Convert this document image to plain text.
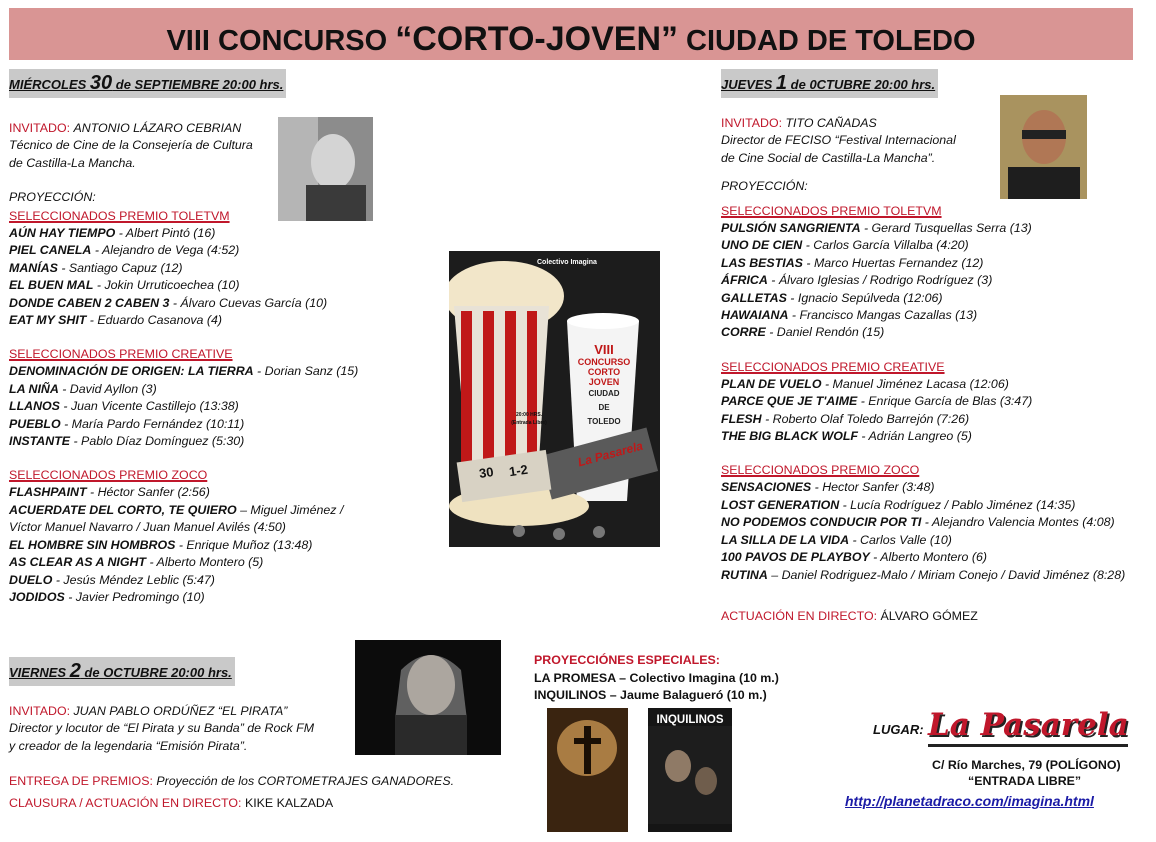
VIII CONCURSO “CORTO-JOVEN” CIUDAD DE TOLEDO
MIÉRCOLES 30 de SEPTIEMBRE 20:00 hrs.
INVITADO: ANTONIO LÁZARO CEBRIAN
Técnico de Cine de la Consejería de Cultura
de Castilla-La Mancha.
PROYECCIÓN:
SELECCIONADOS PREMIO TOLETVM
AÚN HAY TIEMPO - Albert Pintó (16)
PIEL CANELA - Alejandro de Vega (4:52)
MANÍAS - Santiago Capuz (12)
EL BUEN MAL - Jokin Urruticoechea (10)
DONDE CABEN 2 CABEN 3 - Álvaro Cuevas García (10)
EAT MY SHIT - Eduardo Casanova (4)
SELECCIONADOS PREMIO CREATIVE
DENOMINACIÓN DE ORIGEN: LA TIERRA - Dorian Sanz (15)
LA NIÑA - David Ayllon (3)
LLANOS - Juan Vicente Castillejo (13:38)
PUEBLO - María Pardo Fernández (10:11)
INSTANTE - Pablo Díaz Domínguez (5:30)
SELECCIONADOS PREMIO ZOCO
FLASHPAINT - Héctor Sanfer (2:56)
ACUERDATE DEL CORTO, TE QUIERO – Miguel Jiménez /
Víctor Manuel Navarro / Juan Manuel Avilés (4:50)
EL HOMBRE SIN HOMBROS - Enrique Muñoz (13:48)
AS CLEAR AS A NIGHT - Alberto Montero (5)
DUELO - Jesús Méndez Leblic (5:47)
JODIDOS - Javier Pedromingo (10)
Colectivo Imagina
VIII
CONCURSO
CORTO JOVEN
CIUDAD
DE
TOLEDO
20:00 HRS.
(Entrada Libre)
La Pasarela
30 1-2
JUEVES 1 de 0CTUBRE 20:00 hrs.
INVITADO: TITO CAÑADAS
Director de FECISO “Festival Internacional
de Cine Social de Castilla-La Mancha”.
PROYECCIÓN:
SELECCIONADOS PREMIO TOLETVM
PULSIÓN SANGRIENTA - Gerard Tusquellas Serra (13)
UNO DE CIEN - Carlos García Villalba (4:20)
LAS BESTIAS - Marco Huertas Fernandez (12)
ÁFRICA - Álvaro Iglesias / Rodrigo Rodríguez (3)
GALLETAS - Ignacio Sepúlveda (12:06)
HAWAIANA - Francisco Mangas Cazallas (13)
CORRE - Daniel Rendón (15)
SELECCIONADOS PREMIO CREATIVE
PLAN DE VUELO - Manuel Jiménez Lacasa (12:06)
PARCE QUE JE T'AIME - Enrique García de Blas (3:47)
FLESH - Roberto Olaf Toledo Barrejón (7:26)
THE BIG BLACK WOLF - Adrián Langreo (5)
SELECCIONADOS PREMIO ZOCO
SENSACIONES - Hector Sanfer (3:48)
LOST GENERATION - Lucía Rodríguez / Pablo Jiménez (14:35)
NO PODEMOS CONDUCIR POR TI - Alejandro Valencia Montes (4:08)
LA SILLA DE LA VIDA - Carlos Valle (10)
100 PAVOS DE PLAYBOY - Alberto Montero (6)
RUTINA – Daniel Rodriguez-Malo / Miriam Conejo / David Jiménez (8:28)
ACTUACIÓN EN DIRECTO: ÁLVARO GÓMEZ
VIERNES 2 de OCTUBRE 20:00 hrs.
INVITADO: JUAN PABLO ORDÚÑEZ “EL PIRATA”
Director y locutor de “El Pirata y su Banda” de Rock FM
y creador de la legendaria “Emisión Pirata”.
ENTREGA DE PREMIOS: Proyección de los CORTOMETRAJES GANADORES.
CLAUSURA / ACTUACIÓN EN DIRECTO: KIKE KALZADA
PROYECCIÓNES ESPECIALES:
LA PROMESA – Colectivo Imagina (10 m.)
INQUILINOS – Jaume Balagueró (10 m.)
INQUILINOS
LUGAR: La Pasarela
C/ Río Marches, 79 (POLÍGONO)
“ENTRADA LIBRE”
http://planetadraco.com/imagina.html
